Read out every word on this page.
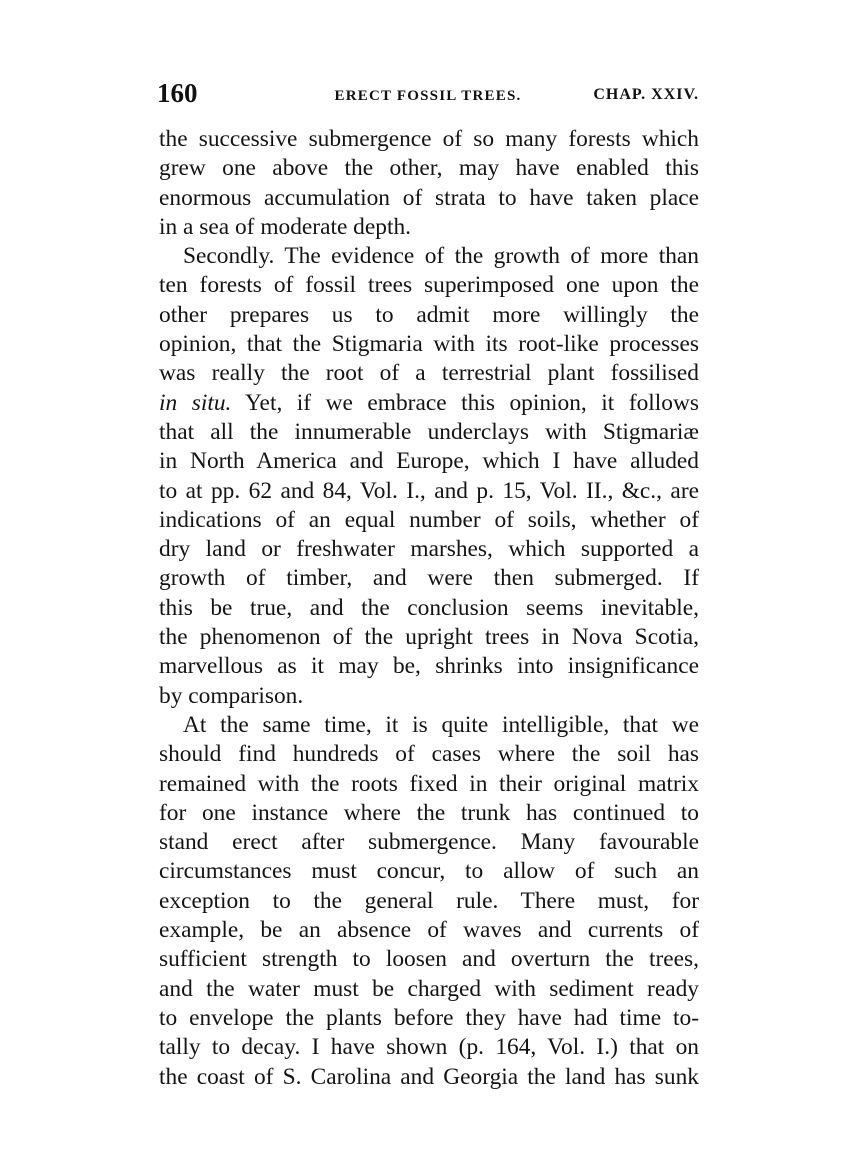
160	ERECT FOSSIL TREES.	CHAP. XXIV.
the successive submergence of so many forests which
grew one above the other, may have enabled this
enormous accumulation of strata to have taken place
in a sea of moderate depth.
Secondly. The evidence of the growth of more than
ten forests of fossil trees superimposed one upon the
other prepares us to admit more willingly the
opinion, that the Stigmaria with its root-like processes
was really the root of a terrestrial plant fossilised
in situ. Yet, if we embrace this opinion, it follows
that all the innumerable underclays with Stigmariæ
in North America and Europe, which I have alluded
to at pp. 62 and 84, Vol. I., and p. 15, Vol. II., &c., are
indications of an equal number of soils, whether of
dry land or freshwater marshes, which supported a
growth of timber, and were then submerged. If
this be true, and the conclusion seems inevitable,
the phenomenon of the upright trees in Nova Scotia,
marvellous as it may be, shrinks into insignificance
by comparison.
At the same time, it is quite intelligible, that we
should find hundreds of cases where the soil has
remained with the roots fixed in their original matrix
for one instance where the trunk has continued to
stand erect after submergence. Many favourable
circumstances must concur, to allow of such an
exception to the general rule. There must, for
example, be an absence of waves and currents of
sufficient strength to loosen and overturn the trees,
and the water must be charged with sediment ready
to envelope the plants before they have had time to-
tally to decay. I have shown (p. 164, Vol. I.) that on
the coast of S. Carolina and Georgia the land has sunk
